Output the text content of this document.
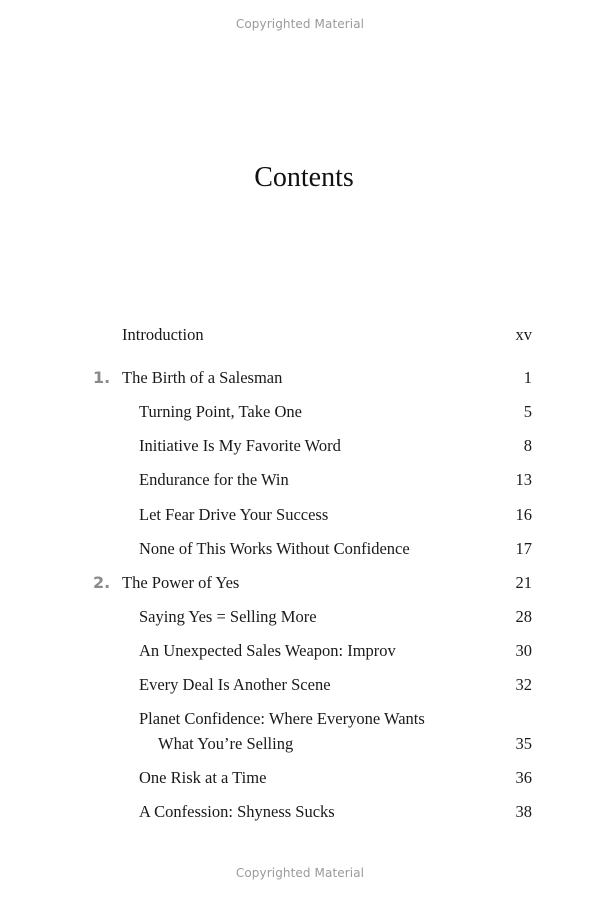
Copyrighted Material
Contents
Introduction	xv
1. The Birth of a Salesman	1
Turning Point, Take One	5
Initiative Is My Favorite Word	8
Endurance for the Win	13
Let Fear Drive Your Success	16
None of This Works Without Confidence	17
2. The Power of Yes	21
Saying Yes = Selling More	28
An Unexpected Sales Weapon: Improv	30
Every Deal Is Another Scene	32
Planet Confidence: Where Everyone Wants
What You’re Selling	35
One Risk at a Time	36
A Confession: Shyness Sucks	38
Copyrighted Material
